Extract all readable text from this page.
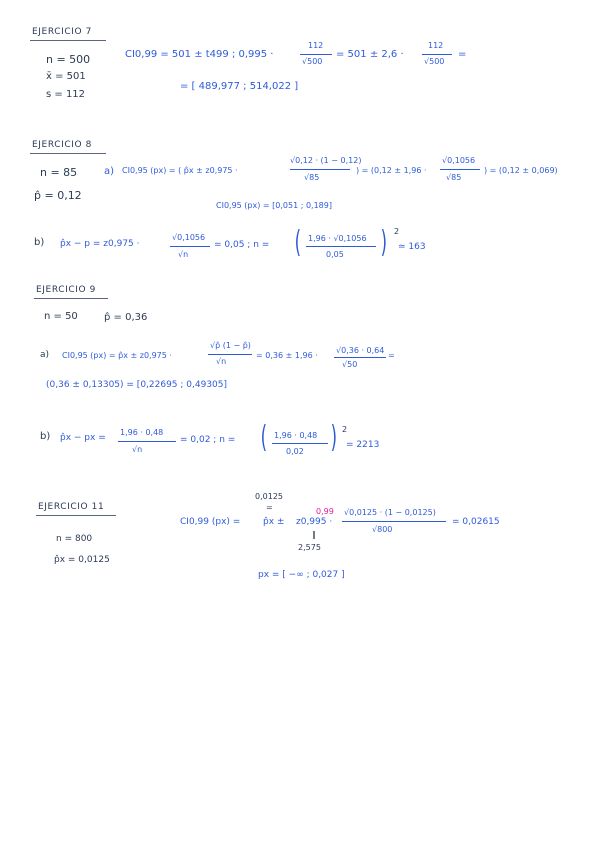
EJERCICIO 7
n = 500
x̄ = 501
s = 112
CI0,99 = 501 ± t499 ; 0,995 ·
112
√500
= 501 ± 2,6 ·
112
√500
=
= [ 489,977 ; 514,022 ]
EJERCICIO 8
n = 85
p̂ = 0,12
a) CI0,95 (px) = ( p̂x ± z0,975 ·
√0,12 · (1 − 0,12)
√85
) = (0,12 ± 1,96 ·
√0,1056
√85
) = (0,12 ± 0,069)
CI0,95 (px) = [0,051 ; 0,189]
b) p̂x − p = z0,975 ·
√0,1056
√n
= 0,05 ; n = ( 1,96 · √0,1056
0,05 ) 2
≃ 163
EJERCICIO 9
n = 50	p̂ = 0,36
a) CI0,95 (px) = p̂x ± z0,975 ·
√p̂ (1 − p̂)
√n
= 0,36 ± 1,96 ·
√0,36 · 0,64
√50
=
(0,36 ± 0,13305) = [0,22695 ; 0,49305]
b) p̂x − px =
1,96 · 0,48
√n
= 0,02 ; n = ( 1,96 · 0,48
0,02 ) 2
= 2213
EJERCICIO 11
n = 800
p̂x = 0,0125
0,0125
=	0,99
CI0,99 (px) =	p̂x ± z0,995 ·
√0,0125 · (1 − 0,0125)
√800
= 0,02615
‖
2,575
px = [ −∞ ; 0,027 ]
